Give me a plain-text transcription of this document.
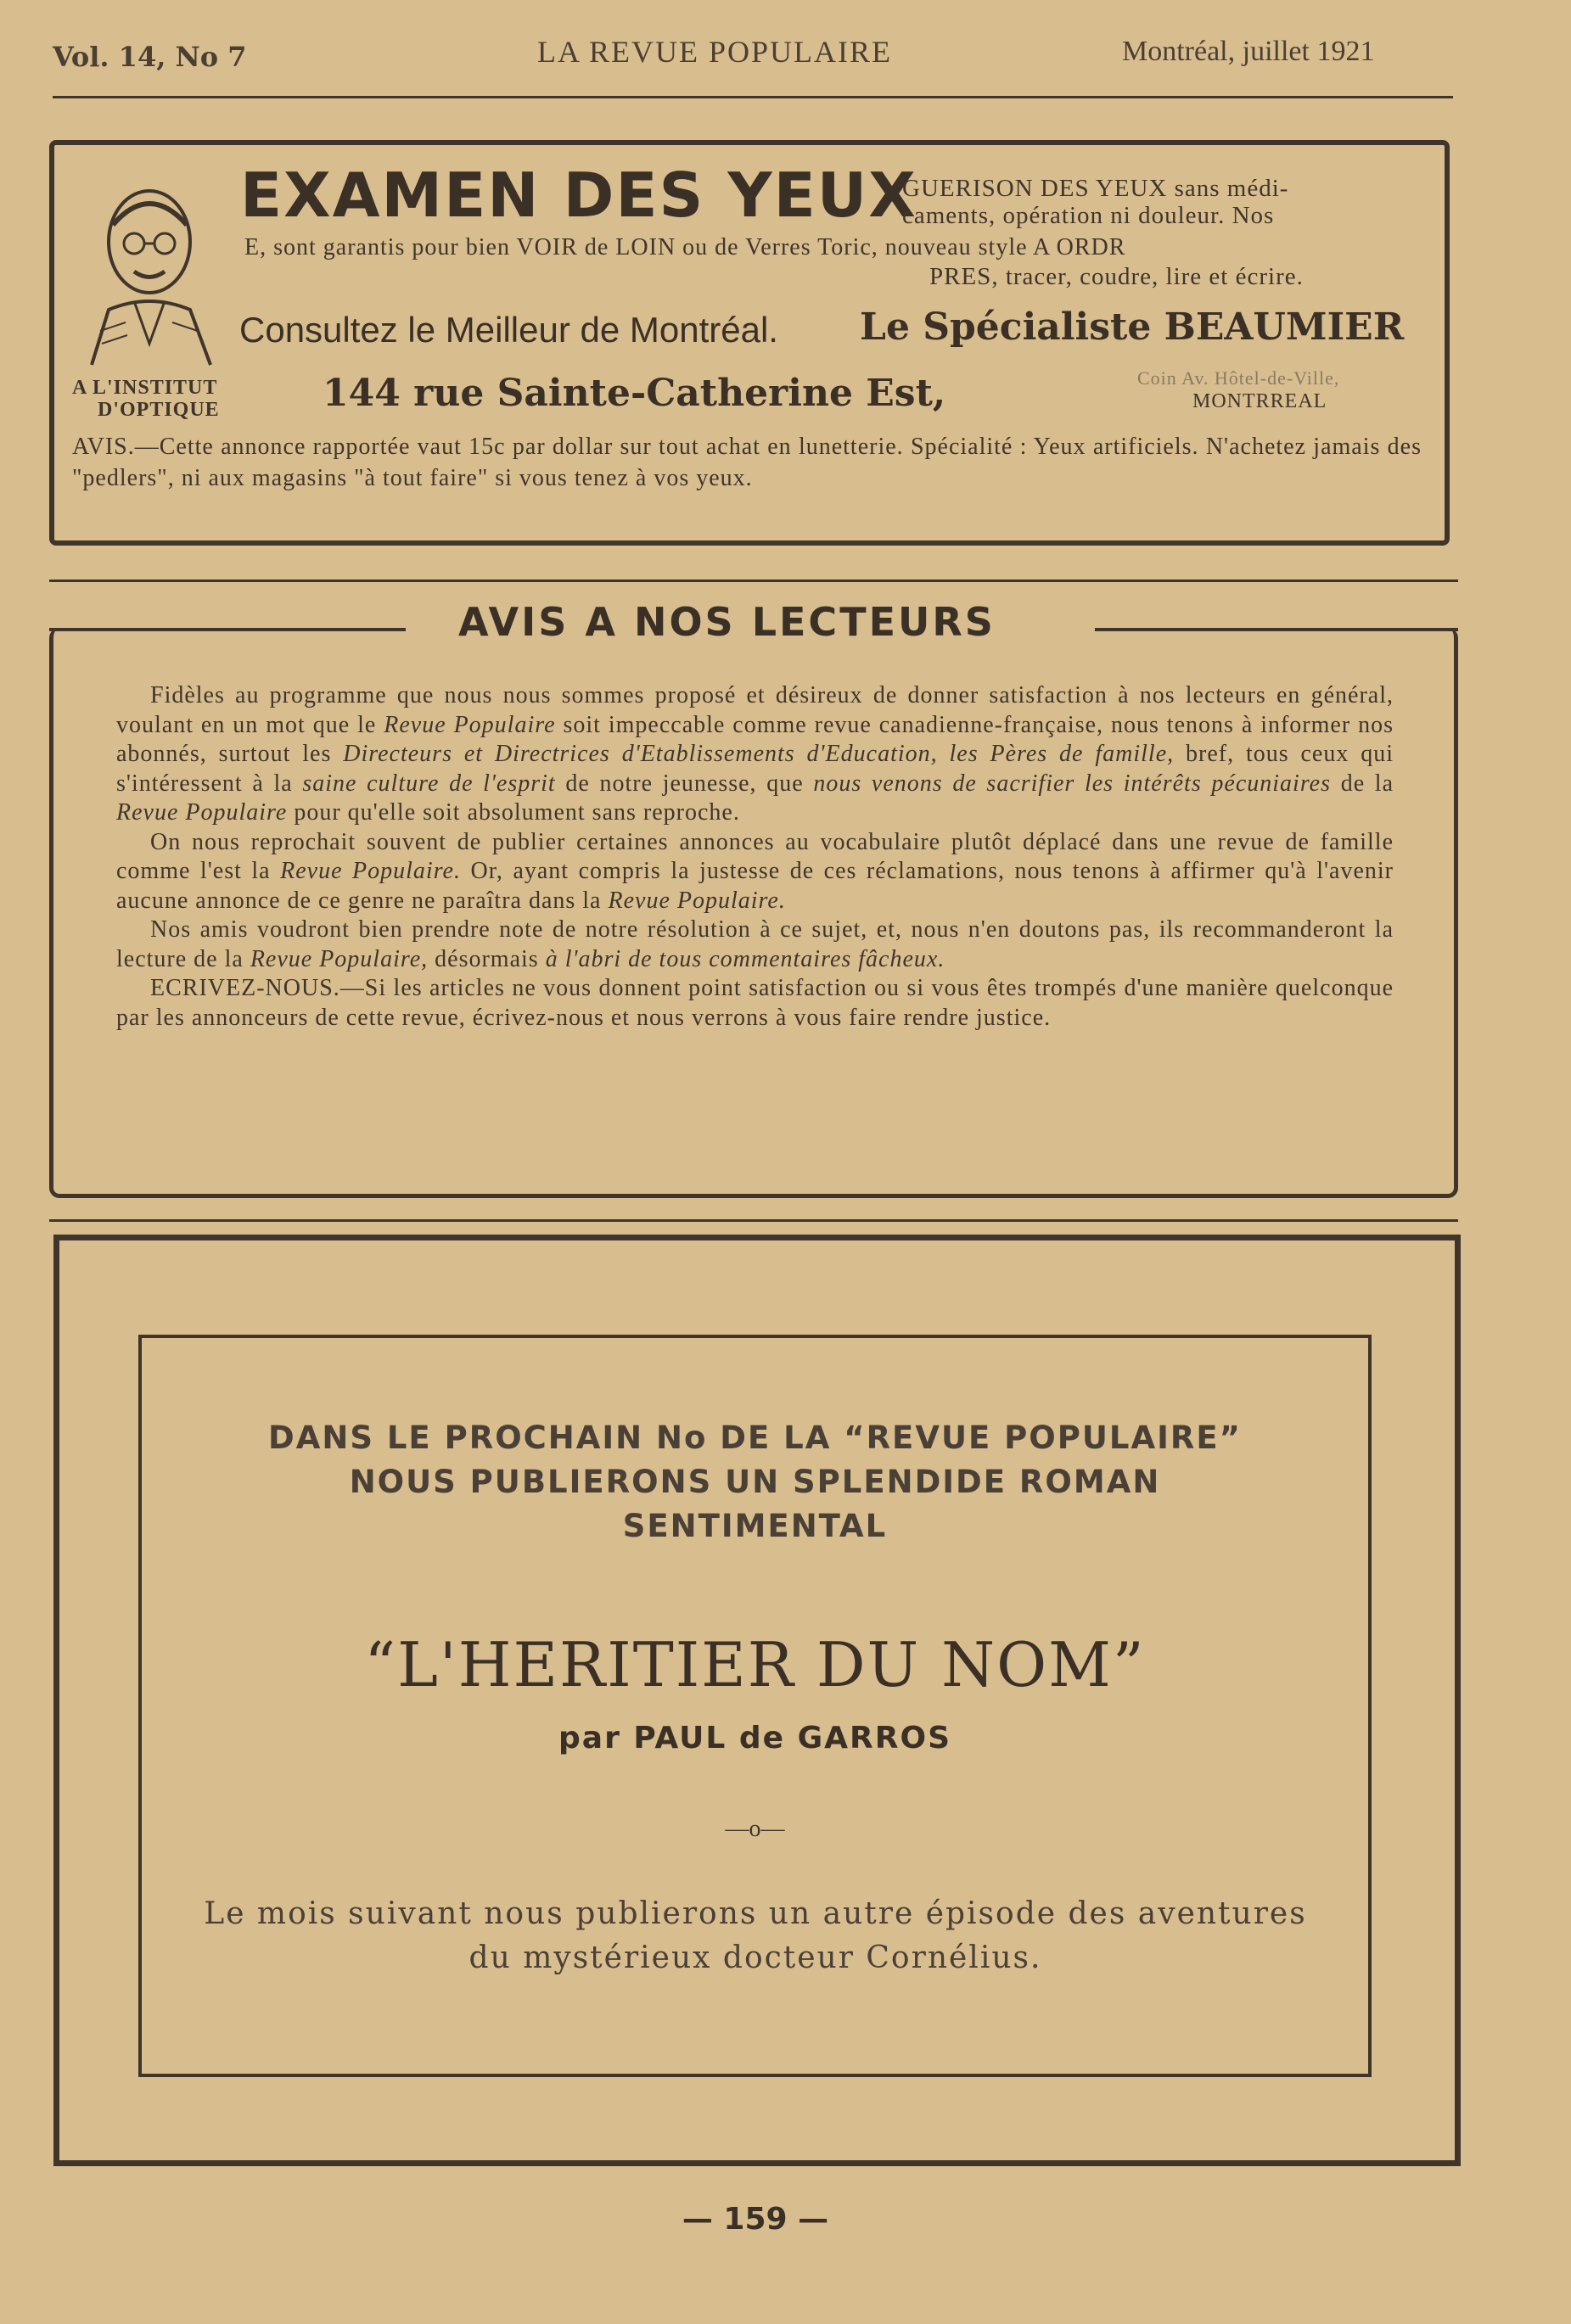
Vol. 14, No 7	LA REVUE POPULAIRE	Montréal, juillet 1921
EXAMEN DES YEUX
GUERISON DES YEUX sans médi-
caments, opération ni douleur. Nos
E, sont garantis pour bien VOIR de LOIN ou de Verres Toric, nouveau style A ORDR
PRES, tracer, coudre, lire et écrire.
Consultez le Meilleur de Montréal. Le Spécialiste BEAUMIER
A L'INSTITUT
D'OPTIQUE	144 rue Sainte-Catherine Est,	Coin Av. Hôtel-de-Ville,
MONTRREAL
AVIS.—Cette annonce rapportée vaut 15c par dollar sur tout achat en lunetterie. Spécialité : Yeux artificiels. N'achetez jamais des "pedlers", ni aux magasins "à tout faire" si vous tenez à vos yeux.
AVIS A NOS LECTEURS

Fidèles au programme que nous nous sommes proposé et désireux de donner satisfaction à nos lecteurs en général, voulant en un mot que le Revue Populaire soit impeccable comme revue canadienne-française, nous tenons à informer nos abonnés, surtout les Directeurs et Directrices d'Etablissements d'Education, les Pères de famille, bref, tous ceux qui s'intéressent à la saine culture de l'esprit de notre jeunesse, que nous venons de sacrifier les intérêts pécuniaires de la Revue Populaire pour qu'elle soit absolument sans reproche.

On nous reprochait souvent de publier certaines annonces au vocabulaire plutôt déplacé dans une revue de famille comme l'est la Revue Populaire. Or, ayant compris la justesse de ces réclamations, nous tenons à affirmer qu'à l'avenir aucune annonce de ce genre ne paraîtra dans la Revue Populaire.

Nos amis voudront bien prendre note de notre résolution à ce sujet, et, nous n'en doutons pas, ils recommanderont la lecture de la Revue Populaire, désormais à l'abri de tous commentaires fâcheux.

ECRIVEZ-NOUS.—Si les articles ne vous donnent point satisfaction ou si vous êtes trompés d'une manière quelconque par les annonceurs de cette revue, écrivez-nous et nous verrons à vous faire rendre justice.

DANS LE PROCHAIN No DE LA “REVUE POPULAIRE”
NOUS PUBLIERONS UN SPLENDIDE ROMAN
SENTIMENTAL
“L'HERITIER DU NOM”
par PAUL de GARROS
—o—
Le mois suivant nous publierons un autre épisode des aventures du mystérieux docteur Cornélius.
— 159 —
